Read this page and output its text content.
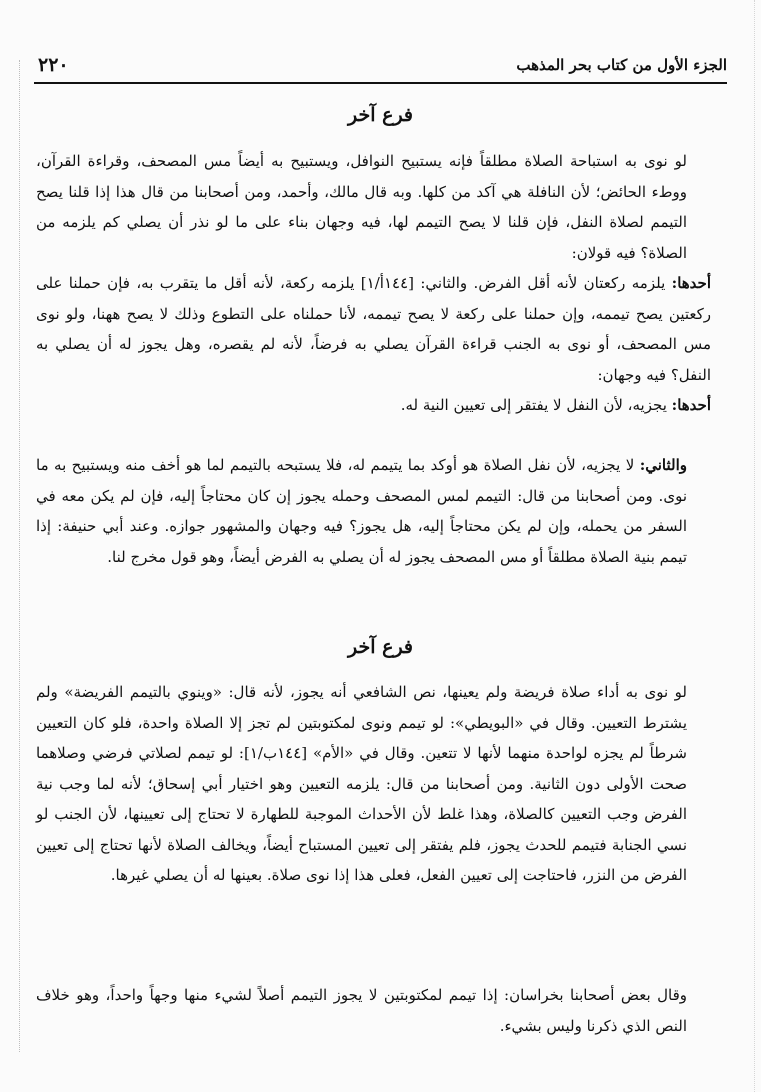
الجزء الأول من كتاب بحر المذهب
٢٢٠
فرع آخر

لو نوى به استباحة الصلاة مطلقاً فإنه يستبيح النوافل، ويستبيح به أيضاً مس المصحف، وقراءة القرآن، ووطء الحائض؛ لأن النافلة هي آكد من كلها. وبه قال مالك، وأحمد، ومن أصحابنا من قال هذا إذا قلنا يصح التيمم لصلاة النفل، فإن قلنا لا يصح التيمم لها، فيه وجهان بناء على ما لو نذر أن يصلي كم يلزمه من الصلاة؟ فيه قولان:

أحدها: يلزمه ركعتان لأنه أقل الفرض. والثاني: [١٤٤أ/١] يلزمه ركعة، لأنه أقل ما يتقرب به، فإن حملنا على ركعتين يصح تيممه، وإن حملنا على ركعة لا يصح تيممه، لأنا حملناه على التطوع وذلك لا يصح ههنا، ولو نوى مس المصحف، أو نوى به الجنب قراءة القرآن يصلي به فرضاً، لأنه لم يقصره، وهل يجوز له أن يصلي به النفل؟ فيه وجهان:

أحدها: يجزيه، لأن النفل لا يفتقر إلى تعيين النية له.

والثاني: لا يجزيه، لأن نفل الصلاة هو أوكد بما يتيمم له، فلا يستبحه بالتيمم لما هو أخف منه ويستبيح به ما نوى. ومن أصحابنا من قال: التيمم لمس المصحف وحمله يجوز إن كان محتاجاً إليه، فإن لم يكن معه في السفر من يحمله، وإن لم يكن محتاجاً إليه، هل يجوز؟ فيه وجهان والمشهور جوازه. وعند أبي حنيفة: إذا تيمم بنية الصلاة مطلقاً أو مس المصحف يجوز له أن يصلي به الفرض أيضاً، وهو قول مخرج لنا.

فرع آخر

لو نوى به أداء صلاة فريضة ولم يعينها، نص الشافعي أنه يجوز، لأنه قال: «وينوي بالتيمم الفريضة» ولم يشترط التعيين. وقال في «البويطي»: لو تيمم ونوى لمكتوبتين لم تجز إلا الصلاة واحدة، فلو كان التعيين شرطاً لم يجزه لواحدة منهما لأنها لا تتعين. وقال في «الأم» [١٤٤ب/١]: لو تيمم لصلاتي فرضي وصلاهما صحت الأولى دون الثانية. ومن أصحابنا من قال: يلزمه التعيين وهو اختيار أبي إسحاق؛ لأنه لما وجب نية الفرض وجب التعيين كالصلاة، وهذا غلط لأن الأحداث الموجبة للطهارة لا تحتاج إلى تعيينها، لأن الجنب لو نسي الجنابة فتيمم للحدث يجوز، فلم يفتقر إلى تعيين المستباح أيضاً، ويخالف الصلاة لأنها تحتاج إلى تعيين الفرض من النزر، فاحتاجت إلى تعيين الفعل، فعلى هذا إذا نوى صلاة. بعينها له أن يصلي غيرها.

وقال بعض أصحابنا بخراسان: إذا تيمم لمكتوبتين لا يجوز التيمم أصلاً لشيء منها وجهاً واحداً، وهو خلاف النص الذي ذكرنا وليس بشيء.
